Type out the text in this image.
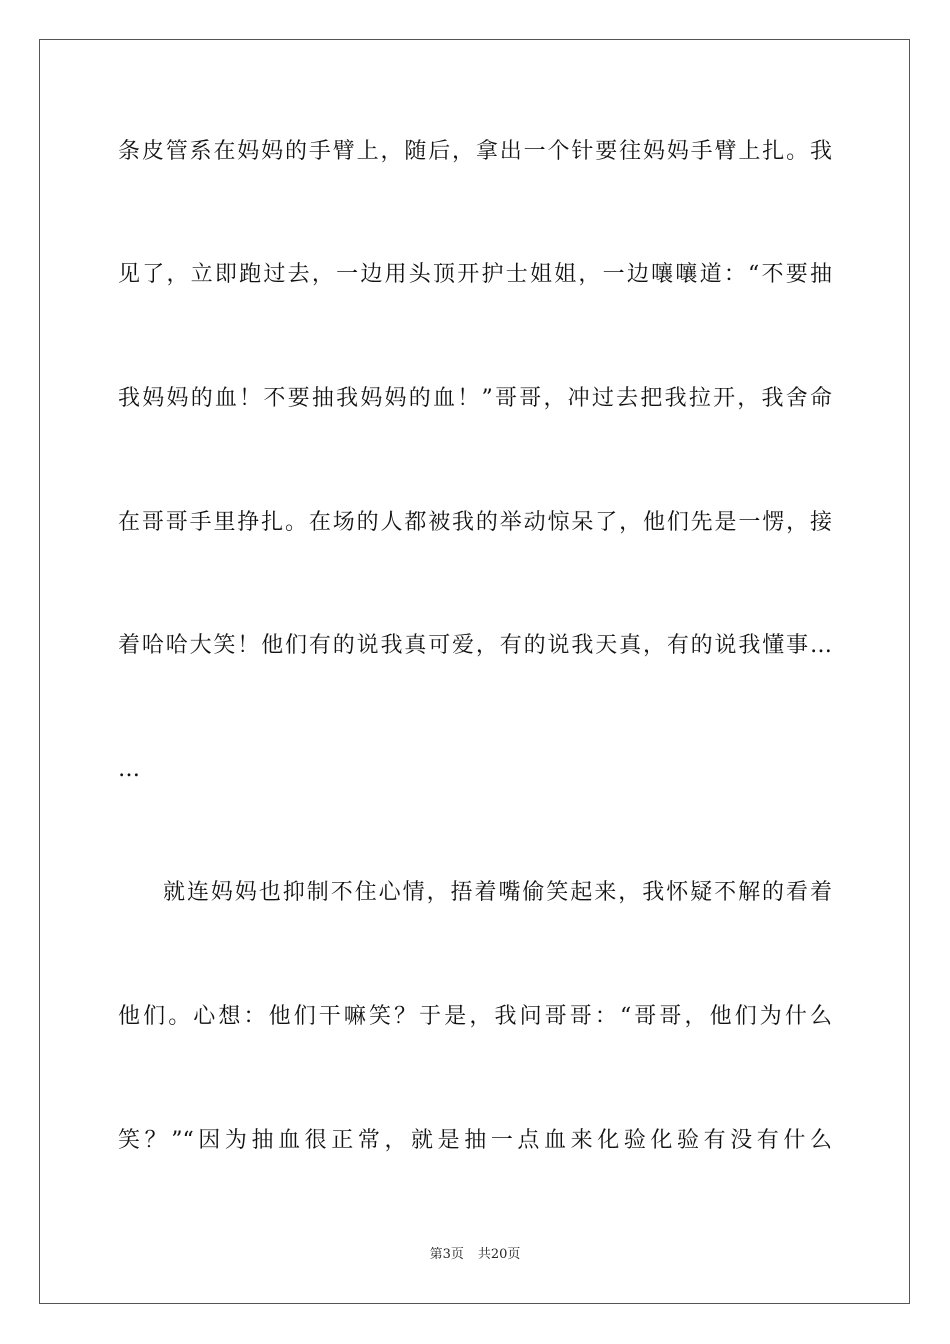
条皮管系在妈妈的手臂上，随后，拿出一个针要往妈妈手臂上扎。我
见了，立即跑过去，一边用头顶开护士姐姐，一边嚷嚷道：“不要抽
我妈妈的血！不要抽我妈妈的血！”哥哥，冲过去把我拉开，我舍命
在哥哥手里挣扎。在场的人都被我的举动惊呆了，他们先是一愣，接
着哈哈大笑！他们有的说我真可爱，有的说我天真，有的说我懂事…
…
就连妈妈也抑制不住心情，捂着嘴偷笑起来，我怀疑不解的看着
他们。心想：他们干嘛笑？于是，我问哥哥：“哥哥，他们为什么
笑？”“因为抽血很正常，就是抽一点血来化验化验有没有什么
第3页 共20页
